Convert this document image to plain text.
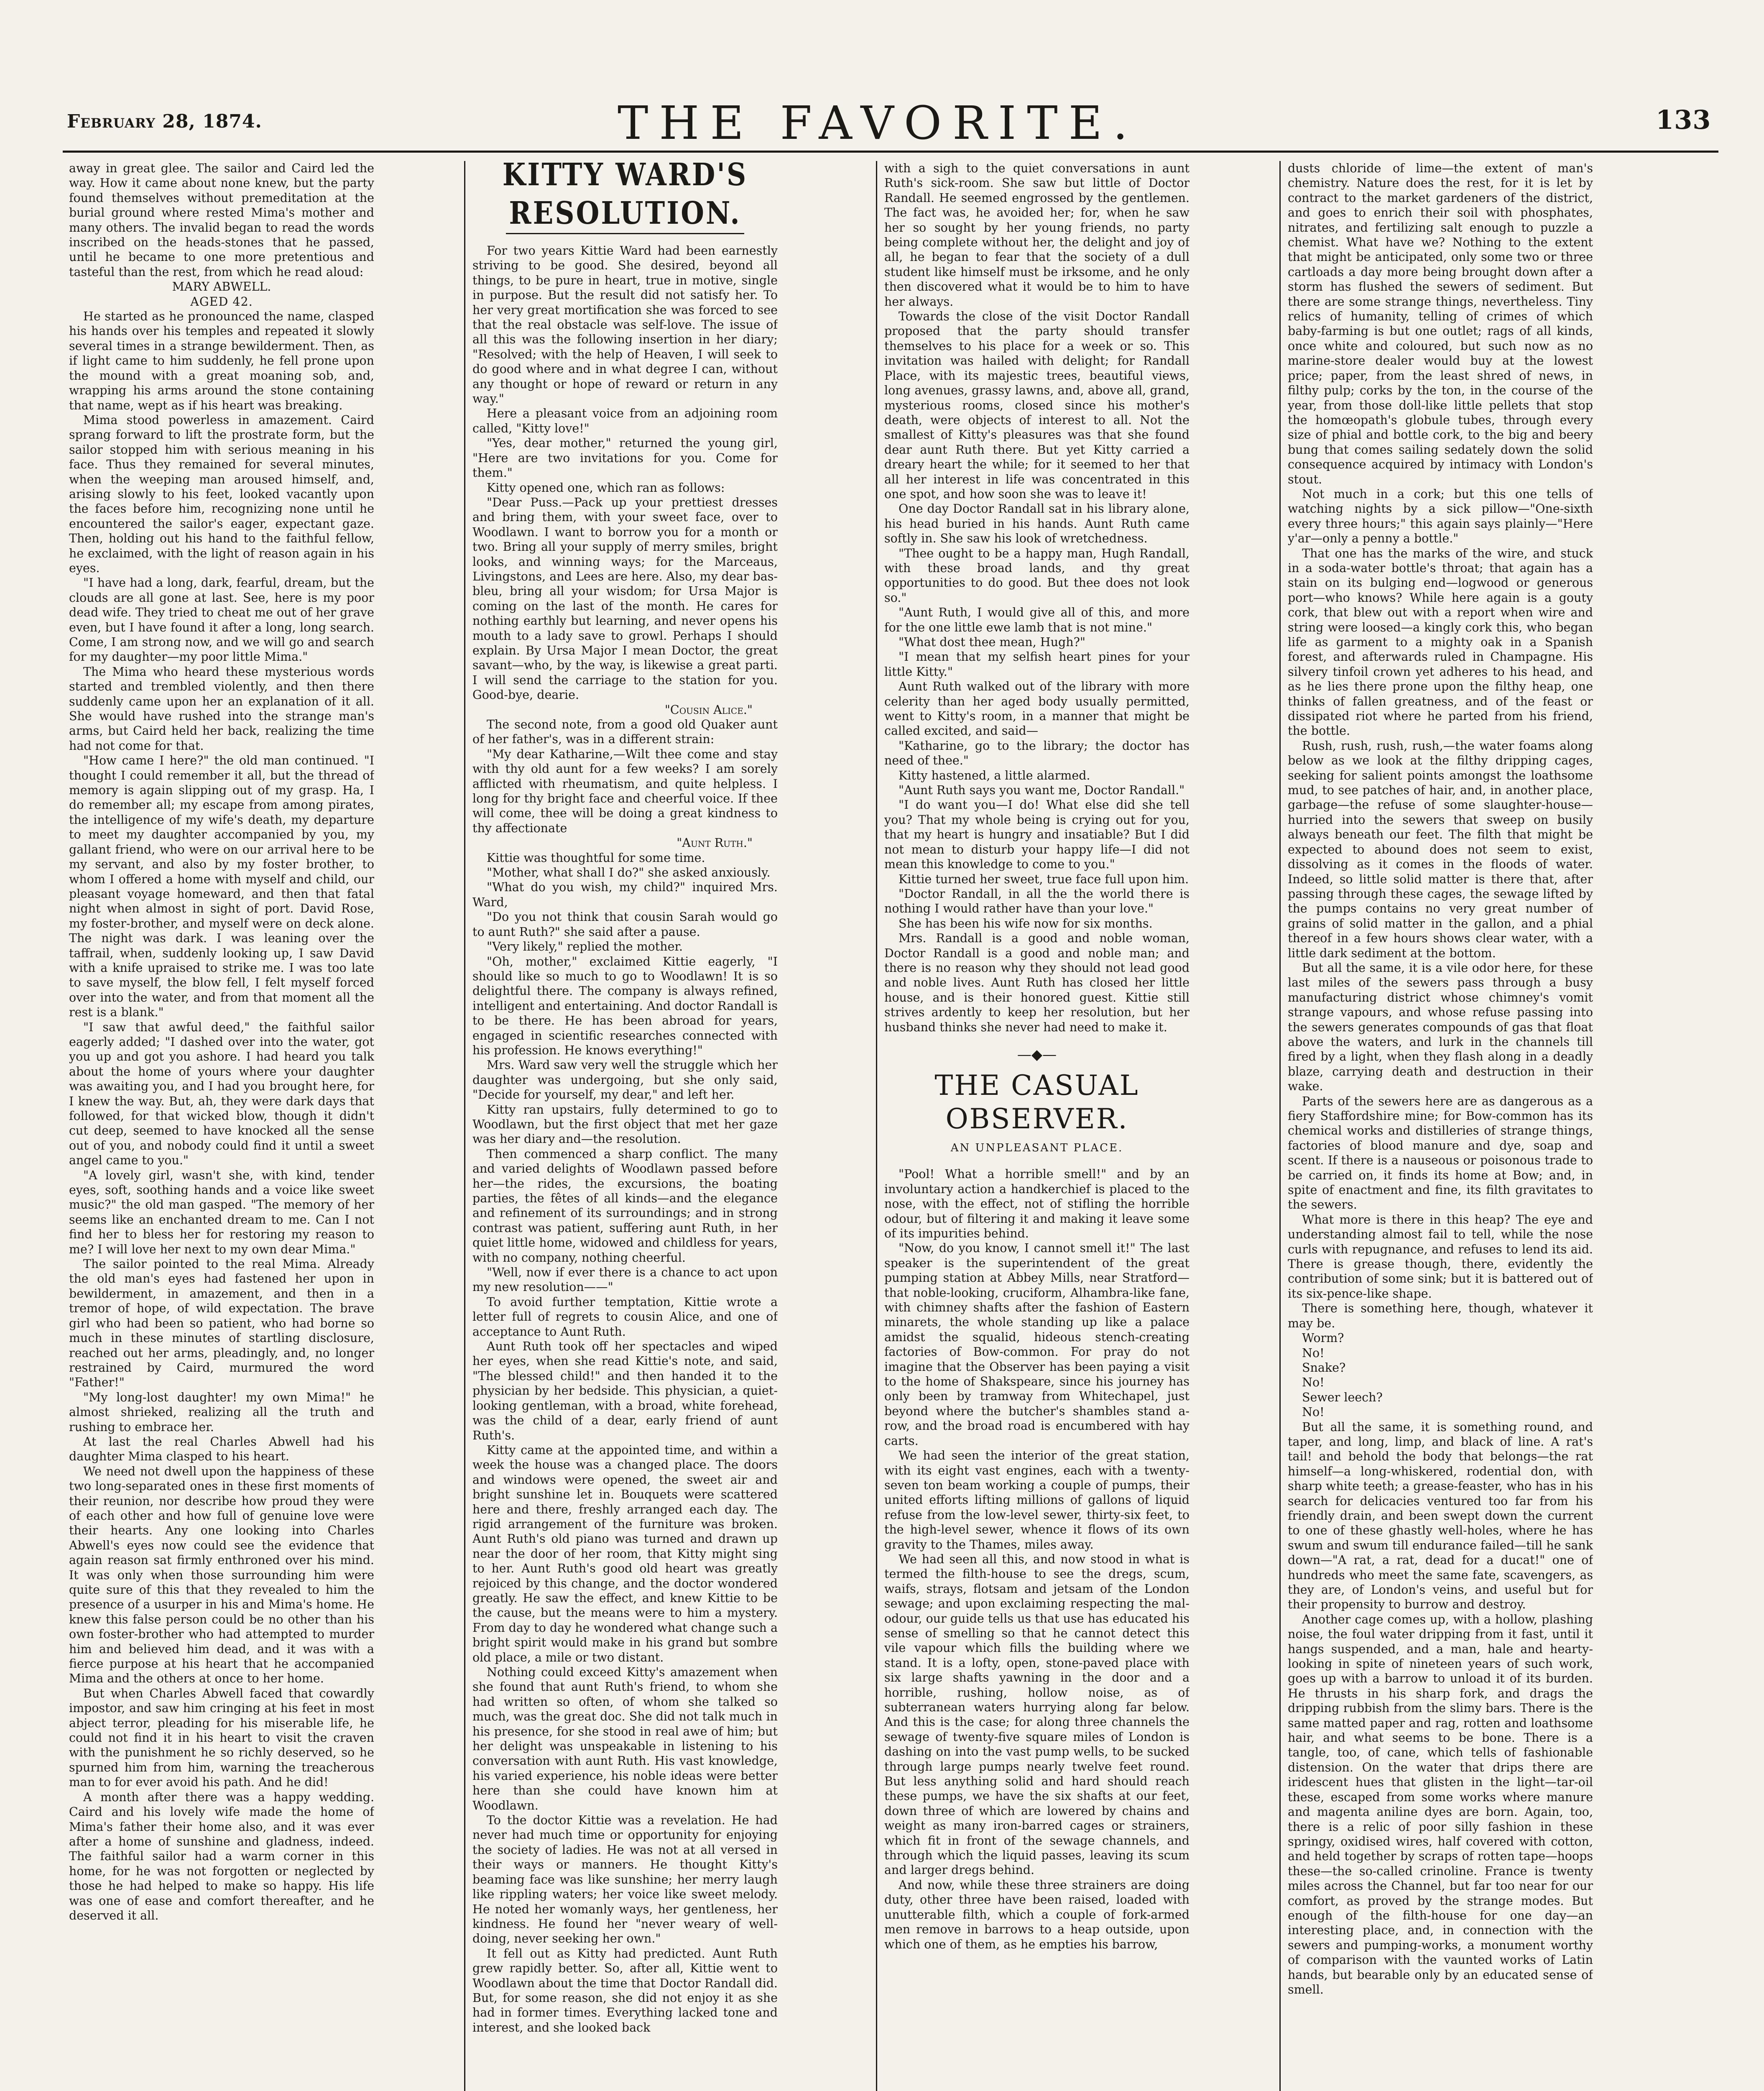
February 28, 1874.	THE FAVORITE.	133

away in great glee. The sailor and Caird led the way. How it came about none knew, but the party found themselves without premeditation at the burial ground where rested Mima's mother and many others. The invalid began to read the words inscribed on the heads-stones that he passed, until he became to one more pretentious and tasteful than the rest, from which he read aloud:

MARY ABWELL.

AGED 42.

He started as he pronounced the name, clasped his hands over his temples and repeated it slowly several times in a strange bewilderment. Then, as if light came to him suddenly, he fell prone upon the mound with a great moaning sob, and, wrapping his arms around the stone containing that name, wept as if his heart was breaking.

Mima stood powerless in amazement. Caird sprang forward to lift the prostrate form, but the sailor stopped him with serious meaning in his face. Thus they remained for several minutes, when the weeping man aroused himself, and, arising slowly to his feet, looked vacantly upon the faces before him, recognizing none until he encountered the sailor's eager, expectant gaze. Then, holding out his hand to the faithful fellow, he exclaimed, with the light of reason again in his eyes.

"I have had a long, dark, fearful, dream, but the clouds are all gone at last. See, here is my poor dead wife. They tried to cheat me out of her grave even, but I have found it after a long, long search. Come, I am strong now, and we will go and search for my daughter—my poor little Mima."

The Mima who heard these mysterious words started and trembled violently, and then there suddenly came upon her an explanation of it all. She would have rushed into the strange man's arms, but Caird held her back, realizing the time had not come for that.

"How came I here?" the old man continued. "I thought I could remember it all, but the thread of memory is again slipping out of my grasp. Ha, I do remember all; my escape from among pirates, the intelligence of my wife's death, my departure to meet my daughter accompanied by you, my gallant friend, who were on our arrival here to be my servant, and also by my foster brother, to whom I offered a home with myself and child, our pleasant voyage homeward, and then that fatal night when almost in sight of port. David Rose, my foster-brother, and myself were on deck alone. The night was dark. I was leaning over the taffrail, when, suddenly looking up, I saw David with a knife upraised to strike me. I was too late to save myself, the blow fell, I felt myself forced over into the water, and from that moment all the rest is a blank."

"I saw that awful deed," the faithful sailor eagerly added; "I dashed over into the water, got you up and got you ashore. I had heard you talk about the home of yours where your daughter was awaiting you, and I had you brought here, for I knew the way. But, ah, they were dark days that followed, for that wicked blow, though it didn't cut deep, seemed to have knocked all the sense out of you, and nobody could find it until a sweet angel came to you."

"A lovely girl, wasn't she, with kind, tender eyes, soft, soothing hands and a voice like sweet music?" the old man gasped. "The memory of her seems like an enchanted dream to me. Can I not find her to bless her for restoring my reason to me? I will love her next to my own dear Mima."

The sailor pointed to the real Mima. Already the old man's eyes had fastened her upon in bewilderment, in amazement, and then in a tremor of hope, of wild expectation. The brave girl who had been so patient, who had borne so much in these minutes of startling disclosure, reached out her arms, pleadingly, and, no longer restrained by Caird, murmured the word "Father!"

"My long-lost daughter! my own Mima!" he almost shrieked, realizing all the truth and rushing to embrace her.

At last the real Charles Abwell had his daughter Mima clasped to his heart.

We need not dwell upon the happiness of these two long-separated ones in these first moments of their reunion, nor describe how proud they were of each other and how full of genuine love were their hearts. Any one looking into Charles Abwell's eyes now could see the evidence that again reason sat firmly enthroned over his mind. It was only when those surrounding him were quite sure of this that they revealed to him the presence of a usurper in his and Mima's home. He knew this false person could be no other than his own foster-brother who had attempted to murder him and believed him dead, and it was with a fierce purpose at his heart that he accompanied Mima and the others at once to her home.

But when Charles Abwell faced that cowardly impostor, and saw him cringing at his feet in most abject terror, pleading for his miserable life, he could not find it in his heart to visit the craven with the punishment he so richly deserved, so he spurned him from him, warning the treacherous man to for ever avoid his path. And he did!

A month after there was a happy wedding. Caird and his lovely wife made the home of Mima's father their home also, and it was ever after a home of sunshine and gladness, indeed. The faithful sailor had a warm corner in this home, for he was not forgotten or neglected by those he had helped to make so happy. His life was one of ease and comfort thereafter, and he deserved it all.

KITTY WARD'S RESOLUTION.

For two years Kittie Ward had been earnestly striving to be good. She desired, beyond all things, to be pure in heart, true in motive, single in purpose. But the result did not satisfy her. To her very great mortification she was forced to see that the real obstacle was self-love. The issue of all this was the following insertion in her diary; "Resolved; with the help of Heaven, I will seek to do good where and in what degree I can, without any thought or hope of reward or return in any way."

Here a pleasant voice from an adjoining room called, "Kitty love!"

"Yes, dear mother," returned the young girl, "Here are two invitations for you. Come for them."

Kitty opened one, which ran as follows:

"Dear Puss.—Pack up your prettiest dresses and bring them, with your sweet face, over to Woodlawn. I want to borrow you for a month or two. Bring all your supply of merry smiles, bright looks, and winning ways; for the Marceaus, Livingstons, and Lees are here. Also, my dear bas-bleu, bring all your wisdom; for Ursa Major is coming on the last of the month. He cares for nothing earthly but learning, and never opens his mouth to a lady save to growl. Perhaps I should explain. By Ursa Major I mean Doctor, the great savant—who, by the way, is likewise a great parti. I will send the carriage to the station for you. Good-bye, dearie.

"Cousin Alice."

The second note, from a good old Quaker aunt of her father's, was in a different strain:

"My dear Katharine,—Wilt thee come and stay with thy old aunt for a few weeks? I am sorely afflicted with rheumatism, and quite helpless. I long for thy bright face and cheerful voice. If thee will come, thee will be doing a great kindness to thy affectionate

"Aunt Ruth."

Kittie was thoughtful for some time.

"Mother, what shall I do?" she asked anxiously.

"What do you wish, my child?" inquired Mrs. Ward,

"Do you not think that cousin Sarah would go to aunt Ruth?" she said after a pause.

"Very likely," replied the mother.

"Oh, mother," exclaimed Kittie eagerly, "I should like so much to go to Woodlawn! It is so delightful there. The company is always refined, intelligent and entertaining. And doctor Randall is to be there. He has been abroad for years, engaged in scientific researches connected with his profession. He knows everything!"

Mrs. Ward saw very well the struggle which her daughter was undergoing, but she only said, "Decide for yourself, my dear," and left her.

Kitty ran upstairs, fully determined to go to Woodlawn, but the first object that met her gaze was her diary and—the resolution.

Then commenced a sharp conflict. The many and varied delights of Woodlawn passed before her—the rides, the excursions, the boating parties, the fêtes of all kinds—and the elegance and refinement of its surroundings; and in strong contrast was patient, suffering aunt Ruth, in her quiet little home, widowed and childless for years, with no company, nothing cheerful.

"Well, now if ever there is a chance to act upon my new resolution——"

To avoid further temptation, Kittie wrote a letter full of regrets to cousin Alice, and one of acceptance to Aunt Ruth.

Aunt Ruth took off her spectacles and wiped her eyes, when she read Kittie's note, and said, "The blessed child!" and then handed it to the physician by her bedside. This physician, a quiet-looking gentleman, with a broad, white forehead, was the child of a dear, early friend of aunt Ruth's.

Kitty came at the appointed time, and within a week the house was a changed place. The doors and windows were opened, the sweet air and bright sunshine let in. Bouquets were scattered here and there, freshly arranged each day. The rigid arrangement of the furniture was broken. Aunt Ruth's old piano was turned and drawn up near the door of her room, that Kitty might sing to her. Aunt Ruth's good old heart was greatly rejoiced by this change, and the doctor wondered greatly. He saw the effect, and knew Kittie to be the cause, but the means were to him a mystery. From day to day he wondered what change such a bright spirit would make in his grand but sombre old place, a mile or two distant.

Nothing could exceed Kitty's amazement when she found that aunt Ruth's friend, to whom she had written so often, of whom she talked so much, was the great doc. She did not talk much in his presence, for she stood in real awe of him; but her delight was unspeakable in listening to his conversation with aunt Ruth. His vast knowledge, his varied experience, his noble ideas were better here than she could have known him at Woodlawn.

To the doctor Kittie was a revelation. He had never had much time or opportunity for enjoying the society of ladies. He was not at all versed in their ways or manners. He thought Kitty's beaming face was like sunshine; her merry laugh like rippling waters; her voice like sweet melody. He noted her womanly ways, her gentleness, her kindness. He found her "never weary of well-doing, never seeking her own."

It fell out as Kitty had predicted. Aunt Ruth grew rapidly better. So, after all, Kittie went to Woodlawn about the time that Doctor Randall did. But, for some reason, she did not enjoy it as she had in former times. Everything lacked tone and interest, and she looked back

with a sigh to the quiet conversations in aunt Ruth's sick-room. She saw but little of Doctor Randall. He seemed engrossed by the gentlemen. The fact was, he avoided her; for, when he saw her so sought by her young friends, no party being complete without her, the delight and joy of all, he began to fear that the society of a dull student like himself must be irksome, and he only then discovered what it would be to him to have her always.

Towards the close of the visit Doctor Randall proposed that the party should transfer themselves to his place for a week or so. This invitation was hailed with delight; for Randall Place, with its majestic trees, beautiful views, long avenues, grassy lawns, and, above all, grand, mysterious rooms, closed since his mother's death, were objects of interest to all. Not the smallest of Kitty's pleasures was that she found dear aunt Ruth there. But yet Kitty carried a dreary heart the while; for it seemed to her that all her interest in life was concentrated in this one spot, and how soon she was to leave it!

One day Doctor Randall sat in his library alone, his head buried in his hands. Aunt Ruth came softly in. She saw his look of wretchedness.

"Thee ought to be a happy man, Hugh Randall, with these broad lands, and thy great opportunities to do good. But thee does not look so."

"Aunt Ruth, I would give all of this, and more for the one little ewe lamb that is not mine."

"What dost thee mean, Hugh?"

"I mean that my selfish heart pines for your little Kitty."

Aunt Ruth walked out of the library with more celerity than her aged body usually permitted, went to Kitty's room, in a manner that might be called excited, and said—

"Katharine, go to the library; the doctor has need of thee."

Kitty hastened, a little alarmed.

"Aunt Ruth says you want me, Doctor Randall."

"I do want you—I do! What else did she tell you? That my whole being is crying out for you, that my heart is hungry and insatiable? But I did not mean to disturb your happy life—I did not mean this knowledge to come to you."

Kittie turned her sweet, true face full upon him.

"Doctor Randall, in all the the world there is nothing I would rather have than your love."

She has been his wife now for six months.

Mrs. Randall is a good and noble woman, Doctor Randall is a good and noble man; and there is no reason why they should not lead good and noble lives. Aunt Ruth has closed her little house, and is their honored guest. Kittie still strives ardently to keep her resolution, but her husband thinks she never had need to make it.

—◆—
THE CASUAL OBSERVER.
AN UNPLEASANT PLACE.

"Pool! What a horrible smell!" and by an involuntary action a handkerchief is placed to the nose, with the effect, not of stifling the horrible odour, but of filtering it and making it leave some of its impurities behind.

"Now, do you know, I cannot smell it!" The last speaker is the superintendent of the great pumping station at Abbey Mills, near Stratford—that noble-looking, cruciform, Alhambra-like fane, with chimney shafts after the fashion of Eastern minarets, the whole standing up like a palace amidst the squalid, hideous stench-creating factories of Bow-common. For pray do not imagine that the Observer has been paying a visit to the home of Shakspeare, since his journey has only been by tramway from Whitechapel, just beyond where the butcher's shambles stand a-row, and the broad road is encumbered with hay carts.

We had seen the interior of the great station, with its eight vast engines, each with a twenty-seven ton beam working a couple of pumps, their united efforts lifting millions of gallons of liquid refuse from the low-level sewer, thirty-six feet, to the high-level sewer, whence it flows of its own gravity to the Thames, miles away.

We had seen all this, and now stood in what is termed the filth-house to see the dregs, scum, waifs, strays, flotsam and jetsam of the London sewage; and upon exclaiming respecting the mal-odour, our guide tells us that use has educated his sense of smelling so that he cannot detect this vile vapour which fills the building where we stand. It is a lofty, open, stone-paved place with six large shafts yawning in the door and a horrible, rushing, hollow noise, as of subterranean waters hurrying along far below. And this is the case; for along three channels the sewage of twenty-five square miles of London is dashing on into the vast pump wells, to be sucked through large pumps nearly twelve feet round. But less anything solid and hard should reach these pumps, we have the six shafts at our feet, down three of which are lowered by chains and weight as many iron-barred cages or strainers, which fit in front of the sewage channels, and through which the liquid passes, leaving its scum and larger dregs behind.

And now, while these three strainers are doing duty, other three have been raised, loaded with unutterable filth, which a couple of fork-armed men remove in barrows to a heap outside, upon which one of them, as he empties his barrow,

dusts chloride of lime—the extent of man's chemistry. Nature does the rest, for it is let by contract to the market gardeners of the district, and goes to enrich their soil with phosphates, nitrates, and fertilizing salt enough to puzzle a chemist. What have we? Nothing to the extent that might be anticipated, only some two or three cartloads a day more being brought down after a storm has flushed the sewers of sediment. But there are some strange things, nevertheless. Tiny relics of humanity, telling of crimes of which baby-farming is but one outlet; rags of all kinds, once white and coloured, but such now as no marine-store dealer would buy at the lowest price; paper, from the least shred of news, in filthy pulp; corks by the ton, in the course of the year, from those doll-like little pellets that stop the homœopath's globule tubes, through every size of phial and bottle cork, to the big and beery bung that comes sailing sedately down the solid consequence acquired by intimacy with London's stout.

Not much in a cork; but this one tells of watching nights by a sick pillow—"One-sixth every three hours;" this again says plainly—"Here y'ar—only a penny a bottle."

That one has the marks of the wire, and stuck in a soda-water bottle's throat; that again has a stain on its bulging end—logwood or generous port—who knows? While here again is a gouty cork, that blew out with a report when wire and string were loosed—a kingly cork this, who began life as garment to a mighty oak in a Spanish forest, and afterwards ruled in Champagne. His silvery tinfoil crown yet adheres to his head, and as he lies there prone upon the filthy heap, one thinks of fallen greatness, and of the feast or dissipated riot where he parted from his friend, the bottle.

Rush, rush, rush, rush,—the water foams along below as we look at the filthy dripping cages, seeking for salient points amongst the loathsome mud, to see patches of hair, and, in another place, garbage—the refuse of some slaughter-house—hurried into the sewers that sweep on busily always beneath our feet. The filth that might be expected to abound does not seem to exist, dissolving as it comes in the floods of water. Indeed, so little solid matter is there that, after passing through these cages, the sewage lifted by the pumps contains no very great number of grains of solid matter in the gallon, and a phial thereof in a few hours shows clear water, with a little dark sediment at the bottom.

But all the same, it is a vile odor here, for these last miles of the sewers pass through a busy manufacturing district whose chimney's vomit strange vapours, and whose refuse passing into the sewers generates compounds of gas that float above the waters, and lurk in the channels till fired by a light, when they flash along in a deadly blaze, carrying death and destruction in their wake.

Parts of the sewers here are as dangerous as a fiery Staffordshire mine; for Bow-common has its chemical works and distilleries of strange things, factories of blood manure and dye, soap and scent. If there is a nauseous or poisonous trade to be carried on, it finds its home at Bow; and, in spite of enactment and fine, its filth gravitates to the sewers.

What more is there in this heap? The eye and understanding almost fail to tell, while the nose curls with repugnance, and refuses to lend its aid. There is grease though, there, evidently the contribution of some sink; but it is battered out of its six-pence-like shape.

There is something here, though, whatever it may be.

Worm?

No!

Snake?

No!

Sewer leech?

No!

But all the same, it is something round, and taper, and long, limp, and black of line. A rat's tail! and behold the body that belongs—the rat himself—a long-whiskered, rodential don, with sharp white teeth; a grease-feaster, who has in his search for delicacies ventured too far from his friendly drain, and been swept down the current to one of these ghastly well-holes, where he has swum and swum till endurance failed—till he sank down—"A rat, a rat, dead for a ducat!" one of hundreds who meet the same fate, scavengers, as they are, of London's veins, and useful but for their propensity to burrow and destroy.

Another cage comes up, with a hollow, plashing noise, the foul water dripping from it fast, until it hangs suspended, and a man, hale and hearty-looking in spite of nineteen years of such work, goes up with a barrow to unload it of its burden. He thrusts in his sharp fork, and drags the dripping rubbish from the slimy bars. There is the same matted paper and rag, rotten and loathsome hair, and what seems to be bone. There is a tangle, too, of cane, which tells of fashionable distension. On the water that drips there are iridescent hues that glisten in the light—tar-oil these, escaped from some works where manure and magenta aniline dyes are born. Again, too, there is a relic of poor silly fashion in these springy, oxidised wires, half covered with cotton, and held together by scraps of rotten tape—hoops these—the so-called crinoline. France is twenty miles across the Channel, but far too near for our comfort, as proved by the strange modes. But enough of the filth-house for one day—an interesting place, and, in connection with the sewers and pumping-works, a monument worthy of comparison with the vaunted works of Latin hands, but bearable only by an educated sense of smell.
